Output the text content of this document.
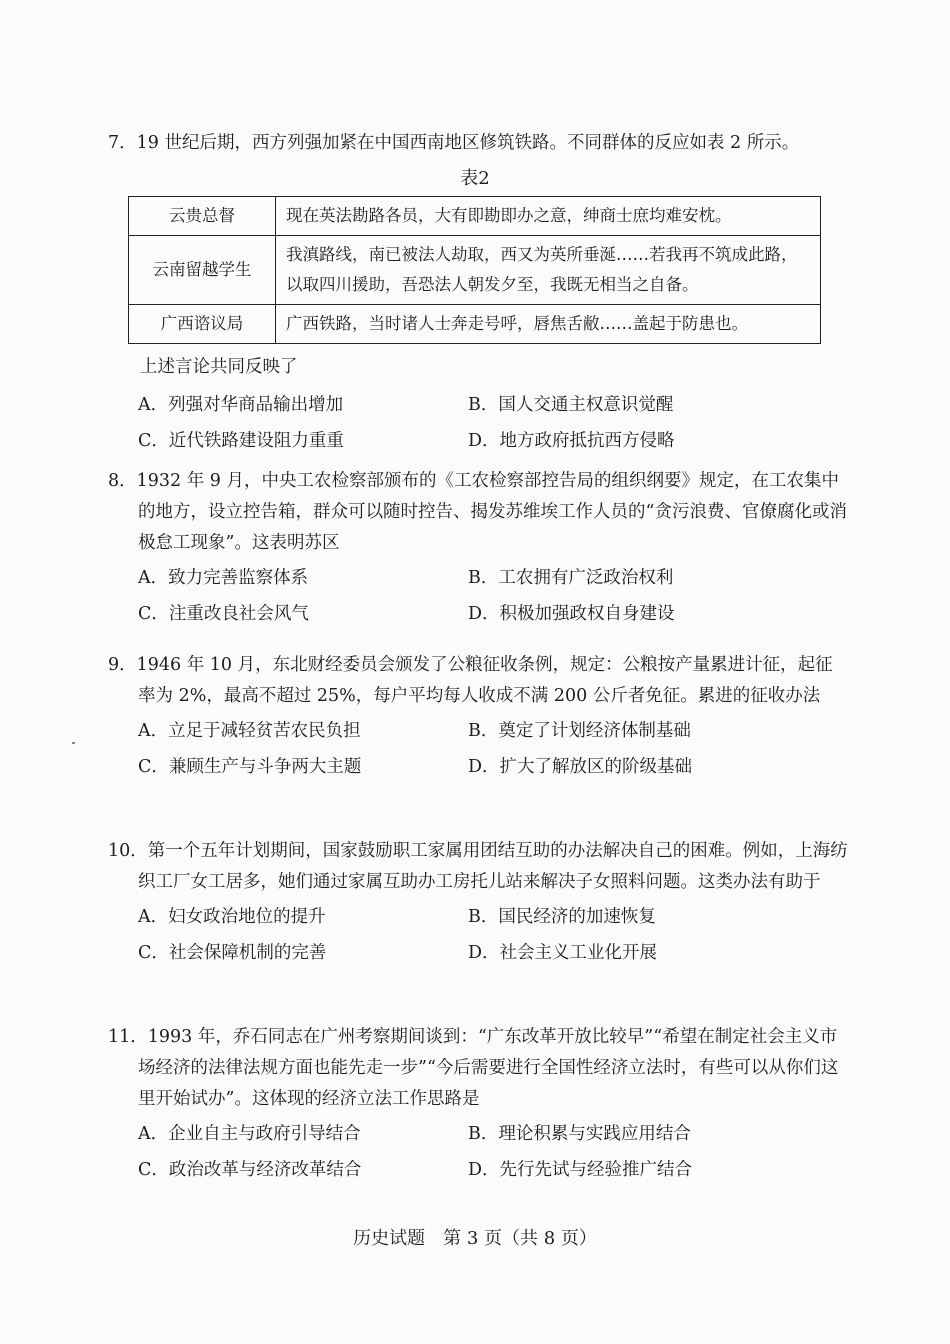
7．19 世纪后期，西方列强加紧在中国西南地区修筑铁路。不同群体的反应如表 2 所示。

表2
云贵总督	现在英法勘路各员，大有即勘即办之意，绅商士庶均难安枕。
云南留越学生	我滇路线，南已被法人劫取，西又为英所垂涎……若我再不筑成此路，以取四川援助，吾恐法人朝发夕至，我既无相当之自备。
广西谘议局	广西铁路，当时诸人士奔走号呼，唇焦舌敝……盖起于防患也。
上述言论共同反映了
A．列强对华商品输出增加	B．国人交通主权意识觉醒
C．近代铁路建设阻力重重	D．地方政府抵抗西方侵略

8．1932 年 9 月，中央工农检察部颁布的《工农检察部控告局的组织纲要》规定，在工农集中的地方，设立控告箱，群众可以随时控告、揭发苏维埃工作人员的“贪污浪费、官僚腐化或消极怠工现象”。这表明苏区

A．致力完善监察体系	B．工农拥有广泛政治权利
C．注重改良社会风气	D．积极加强政权自身建设

9．1946 年 10 月，东北财经委员会颁发了公粮征收条例，规定：公粮按产量累进计征，起征率为 2%，最高不超过 25%，每户平均每人收成不满 200 公斤者免征。累进的征收办法

A．立足于减轻贫苦农民负担	B．奠定了计划经济体制基础
C．兼顾生产与斗争两大主题	D．扩大了解放区的阶级基础

10．第一个五年计划期间，国家鼓励职工家属用团结互助的办法解决自己的困难。例如，上海纺织工厂女工居多，她们通过家属互助办工房托儿站来解决子女照料问题。这类办法有助于

A．妇女政治地位的提升	B．国民经济的加速恢复
C．社会保障机制的完善	D．社会主义工业化开展

11．1993 年，乔石同志在广州考察期间谈到：“广东改革开放比较早”“希望在制定社会主义市场经济的法律法规方面也能先走一步”“今后需要进行全国性经济立法时，有些可以从你们这里开始试办”。这体现的经济立法工作思路是

A．企业自主与政府引导结合	B．理论积累与实践应用结合
C．政治改革与经济改革结合	D．先行先试与经验推广结合
历史试题　第 3 页（共 8 页）
